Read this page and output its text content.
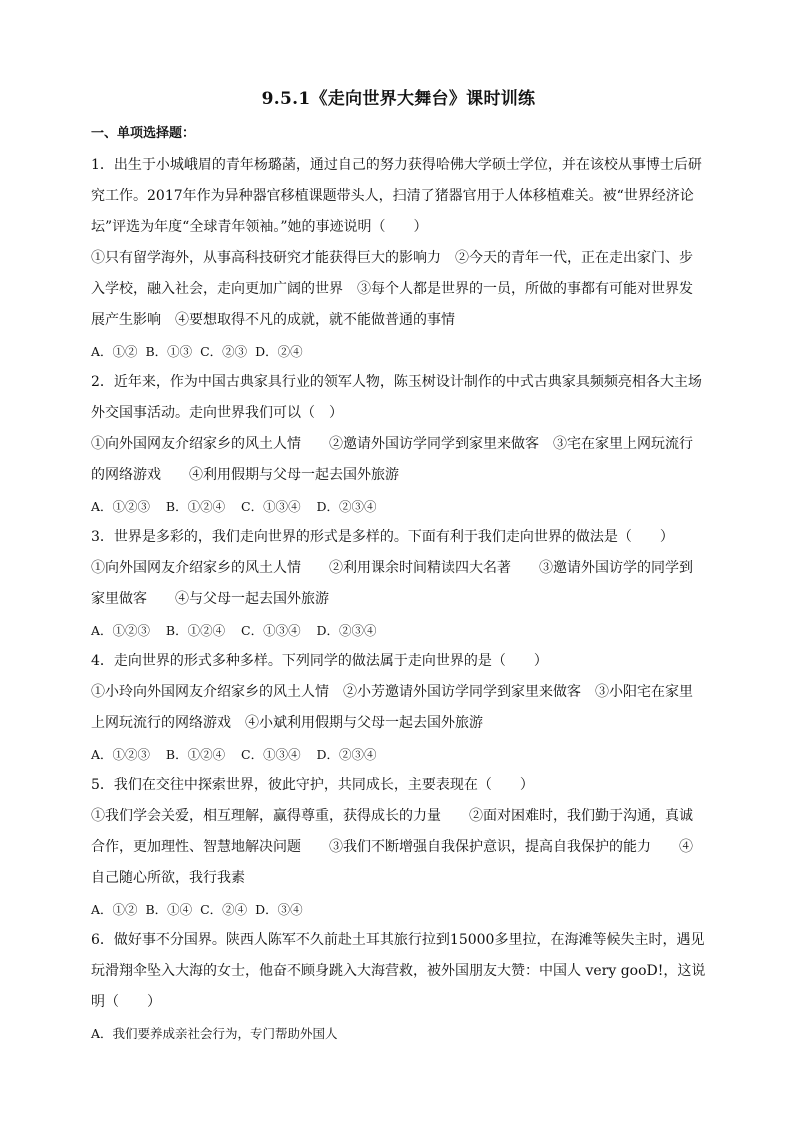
9.5.1《走向世界大舞台》课时训练
一、单项选择题：

1．出生于小城峨眉的青年杨璐菡，通过自己的努力获得哈佛大学硕士学位，并在该校从事博士后研究工作。2017年作为异种器官移植课题带头人，扫清了猪器官用于人体移植难关。被“世界经济论坛”评选为年度“全球青年领袖。”她的事迹说明（　　）

①只有留学海外，从事高科技研究才能获得巨大的影响力　②今天的青年一代，正在走出家门、步入学校，融入社会，走向更加广阔的世界　③每个人都是世界的一员，所做的事都有可能对世界发展产生影响　④要想取得不凡的成就，就不能做普通的事情

A．①②  B．①③  C．②③  D．②④

2．近年来，作为中国古典家具行业的领军人物，陈玉树设计制作的中式古典家具频频亮相各大主场外交国事活动。走向世界我们可以（　）

①向外国网友介绍家乡的风土人情　　②邀请外国访学同学到家里来做客　③宅在家里上网玩流行的网络游戏　　④利用假期与父母一起去国外旅游

A．①②③    B．①②④    C．①③④    D．②③④

3．世界是多彩的，我们走向世界的形式是多样的。下面有利于我们走向世界的做法是（　　）

①向外国网友介绍家乡的风土人情　　②利用课余时间精读四大名著　　③邀请外国访学的同学到家里做客　　④与父母一起去国外旅游

A．①②③    B．①②④    C．①③④    D．②③④

4．走向世界的形式多种多样。下列同学的做法属于走向世界的是（　　）

①小玲向外国网友介绍家乡的风土人情　②小芳邀请外国访学同学到家里来做客　③小阳宅在家里上网玩流行的网络游戏　④小斌利用假期与父母一起去国外旅游

A．①②③    B．①②④    C．①③④    D．②③④

5．我们在交往中探索世界，彼此守护，共同成长，主要表现在（　　）

①我们学会关爱，相互理解，赢得尊重，获得成长的力量　　②面对困难时，我们勤于沟通，真诚合作，更加理性、智慧地解决问题　　③我们不断增强自我保护意识，提高自我保护的能力　　④自己随心所欲，我行我素

A．①②  B．①④  C．②④  D．③④

6．做好事不分国界。陕西人陈军不久前赴土耳其旅行拉到15000多里拉，在海滩等候失主时，遇见玩滑翔伞坠入大海的女士，他奋不顾身跳入大海营救，被外国朋友大赞：中国人 very gooD!，这说明（　　）

A．我们要养成亲社会行为，专门帮助外国人
